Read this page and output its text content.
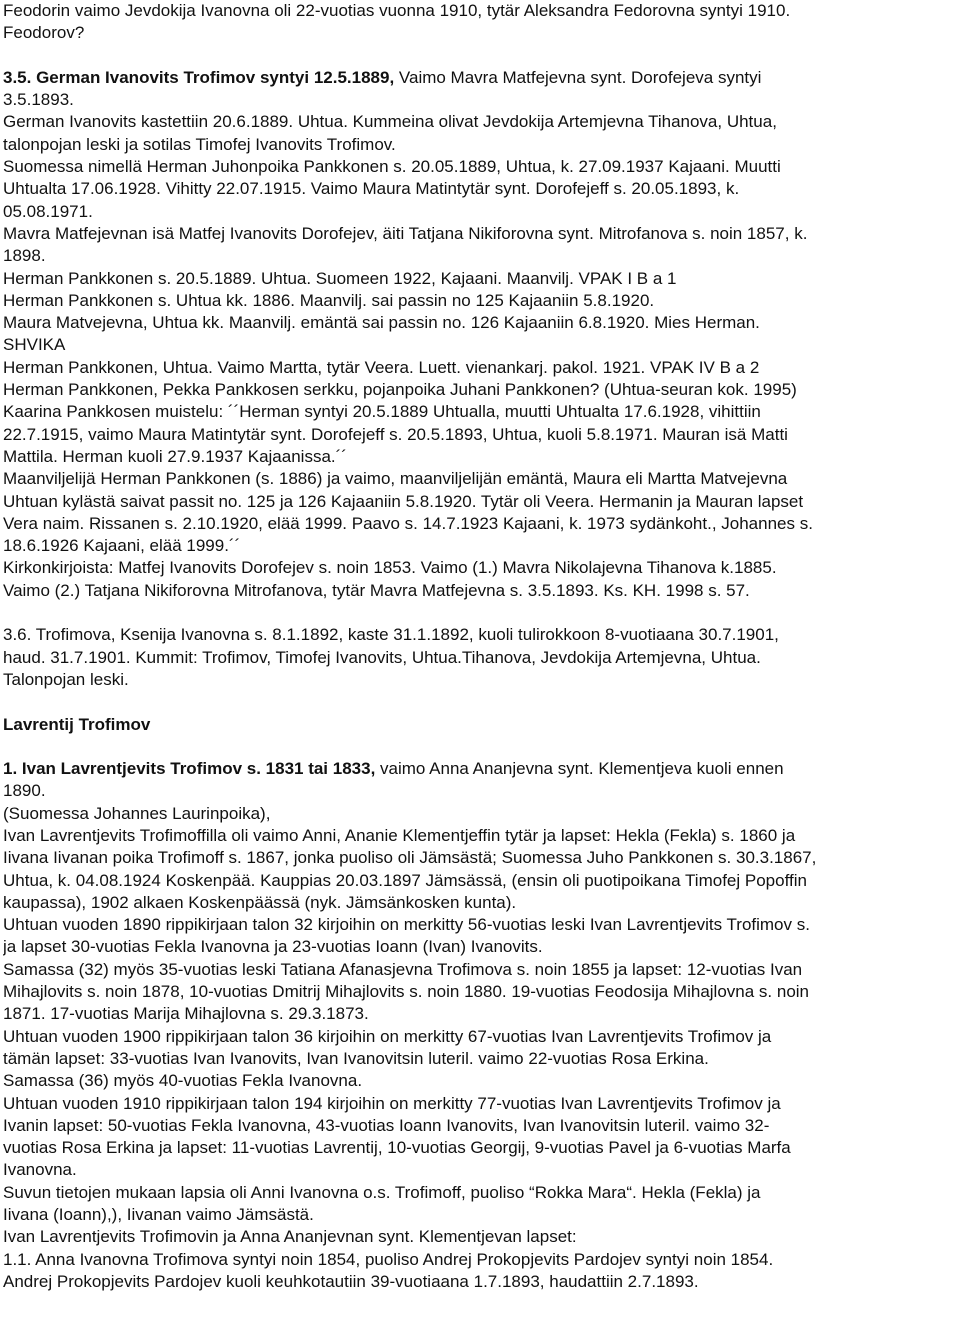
Feodorin vaimo Jevdokija Ivanovna oli 22-vuotias vuonna 1910, tytär Aleksandra Fedorovna syntyi 1910.
Feodorov?
3.5. German Ivanovits Trofimov syntyi 12.5.1889, Vaimo Mavra Matfejevna synt. Dorofejeva syntyi
3.5.1893.
German Ivanovits kastettiin 20.6.1889. Uhtua. Kummeina olivat Jevdokija Artemjevna Tihanova, Uhtua,
talonpojan leski ja sotilas Timofej Ivanovits Trofimov.
Suomessa nimellä Herman Juhonpoika Pankkonen s. 20.05.1889, Uhtua, k. 27.09.1937 Kajaani. Muutti
Uhtualta 17.06.1928. Vihitty 22.07.1915. Vaimo Maura Matintytär synt. Dorofejeff s. 20.05.1893, k.
05.08.1971.
Mavra Matfejevnan isä Matfej Ivanovits Dorofejev, äiti Tatjana Nikiforovna synt. Mitrofanova s. noin 1857, k.
1898.
Herman Pankkonen s. 20.5.1889. Uhtua. Suomeen 1922, Kajaani. Maanvilj. VPAK I B a 1
Herman Pankkonen s. Uhtua kk. 1886. Maanvilj. sai passin no 125 Kajaaniin 5.8.1920.
Maura Matvejevna, Uhtua kk. Maanvilj. emäntä sai passin no. 126 Kajaaniin 6.8.1920. Mies Herman.
SHVIKA
Herman Pankkonen, Uhtua. Vaimo Martta, tytär Veera. Luett. vienankarj. pakol. 1921. VPAK IV B a 2
Herman Pankkonen, Pekka Pankkosen serkku, pojanpoika Juhani Pankkonen? (Uhtua-seuran kok. 1995)
Kaarina Pankkosen muistelu: ´´Herman syntyi 20.5.1889 Uhtualla, muutti Uhtualta 17.6.1928, vihittiin
22.7.1915, vaimo Maura Matintytär synt. Dorofejeff s. 20.5.1893, Uhtua, kuoli 5.8.1971. Mauran isä Matti
Mattila. Herman kuoli 27.9.1937 Kajaanissa.´´
Maanviljelijä Herman Pankkonen (s. 1886) ja vaimo, maanviljelijän emäntä, Maura eli Martta Matvejevna
Uhtuan kylästä saivat passit no. 125 ja 126 Kajaaniin 5.8.1920. Tytär oli Veera. Hermanin ja Mauran lapset
Vera naim. Rissanen s. 2.10.1920, elää 1999. Paavo s. 14.7.1923 Kajaani, k. 1973 sydänkoht., Johannes s.
18.6.1926 Kajaani, elää 1999.´´
Kirkonkirjoista: Matfej Ivanovits Dorofejev s. noin 1853. Vaimo (1.) Mavra Nikolajevna Tihanova k.1885.
Vaimo (2.) Tatjana Nikiforovna Mitrofanova, tytär Mavra Matfejevna s. 3.5.1893. Ks. KH. 1998 s. 57.
3.6. Trofimova, Ksenija Ivanovna s. 8.1.1892, kaste 31.1.1892, kuoli tulirokkoon 8-vuotiaana 30.7.1901,
haud. 31.7.1901. Kummit: Trofimov, Timofej Ivanovits, Uhtua.Tihanova, Jevdokija Artemjevna, Uhtua.
Talonpojan leski.
Lavrentij Trofimov
1. Ivan Lavrentjevits Trofimov s. 1831 tai 1833, vaimo Anna Ananjevna synt. Klementjeva kuoli ennen
1890.
(Suomessa Johannes Laurinpoika),
Ivan Lavrentjevits Trofimoffilla oli vaimo Anni, Ananie Klementjeffin tytär ja lapset: Hekla (Fekla) s. 1860 ja
Iivana Iivanan poika Trofimoff s. 1867, jonka puoliso oli Jämsästä; Suomessa Juho Pankkonen s. 30.3.1867,
Uhtua, k. 04.08.1924 Koskenpää. Kauppias 20.03.1897 Jämsässä, (ensin oli puotipoikana Timofej Popoffin
kaupassa), 1902 alkaen Koskenpäässä (nyk. Jämsänkosken kunta).
Uhtuan vuoden 1890 rippikirjaan talon 32 kirjoihin on merkitty 56-vuotias leski Ivan Lavrentjevits Trofimov s.
ja lapset 30-vuotias Fekla Ivanovna ja 23-vuotias Ioann (Ivan) Ivanovits.
Samassa (32) myös 35-vuotias leski Tatiana Afanasjevna Trofimova s. noin 1855 ja lapset: 12-vuotias Ivan
Mihajlovits s. noin 1878, 10-vuotias Dmitrij Mihajlovits s. noin 1880. 19-vuotias Feodosija Mihajlovna s. noin
1871. 17-vuotias Marija Mihajlovna s. 29.3.1873.
Uhtuan vuoden 1900 rippikirjaan talon 36 kirjoihin on merkitty 67-vuotias Ivan Lavrentjevits Trofimov ja
tämän lapset: 33-vuotias Ivan Ivanovits, Ivan Ivanovitsin luteril. vaimo 22-vuotias Rosa Erkina.
Samassa (36) myös 40-vuotias Fekla Ivanovna.
Uhtuan vuoden 1910 rippikirjaan talon 194 kirjoihin on merkitty 77-vuotias Ivan Lavrentjevits Trofimov ja
Ivanin lapset: 50-vuotias Fekla Ivanovna, 43-vuotias Ioann Ivanovits, Ivan Ivanovitsin luteril. vaimo 32-
vuotias Rosa Erkina ja lapset: 11-vuotias Lavrentij, 10-vuotias Georgij, 9-vuotias Pavel ja 6-vuotias Marfa
Ivanovna.
Suvun tietojen mukaan lapsia oli Anni Ivanovna o.s. Trofimoff, puoliso “Rokka Mara“. Hekla (Fekla) ja
Iivana (Ioann),), Iivanan vaimo Jämsästä.
Ivan Lavrentjevits Trofimovin ja Anna Ananjevnan synt. Klementjevan lapset:
1.1. Anna Ivanovna Trofimova syntyi noin 1854, puoliso Andrej Prokopjevits Pardojev syntyi noin 1854.
Andrej Prokopjevits Pardojev kuoli keuhkotautiin 39-vuotiaana 1.7.1893, haudattiin 2.7.1893.
